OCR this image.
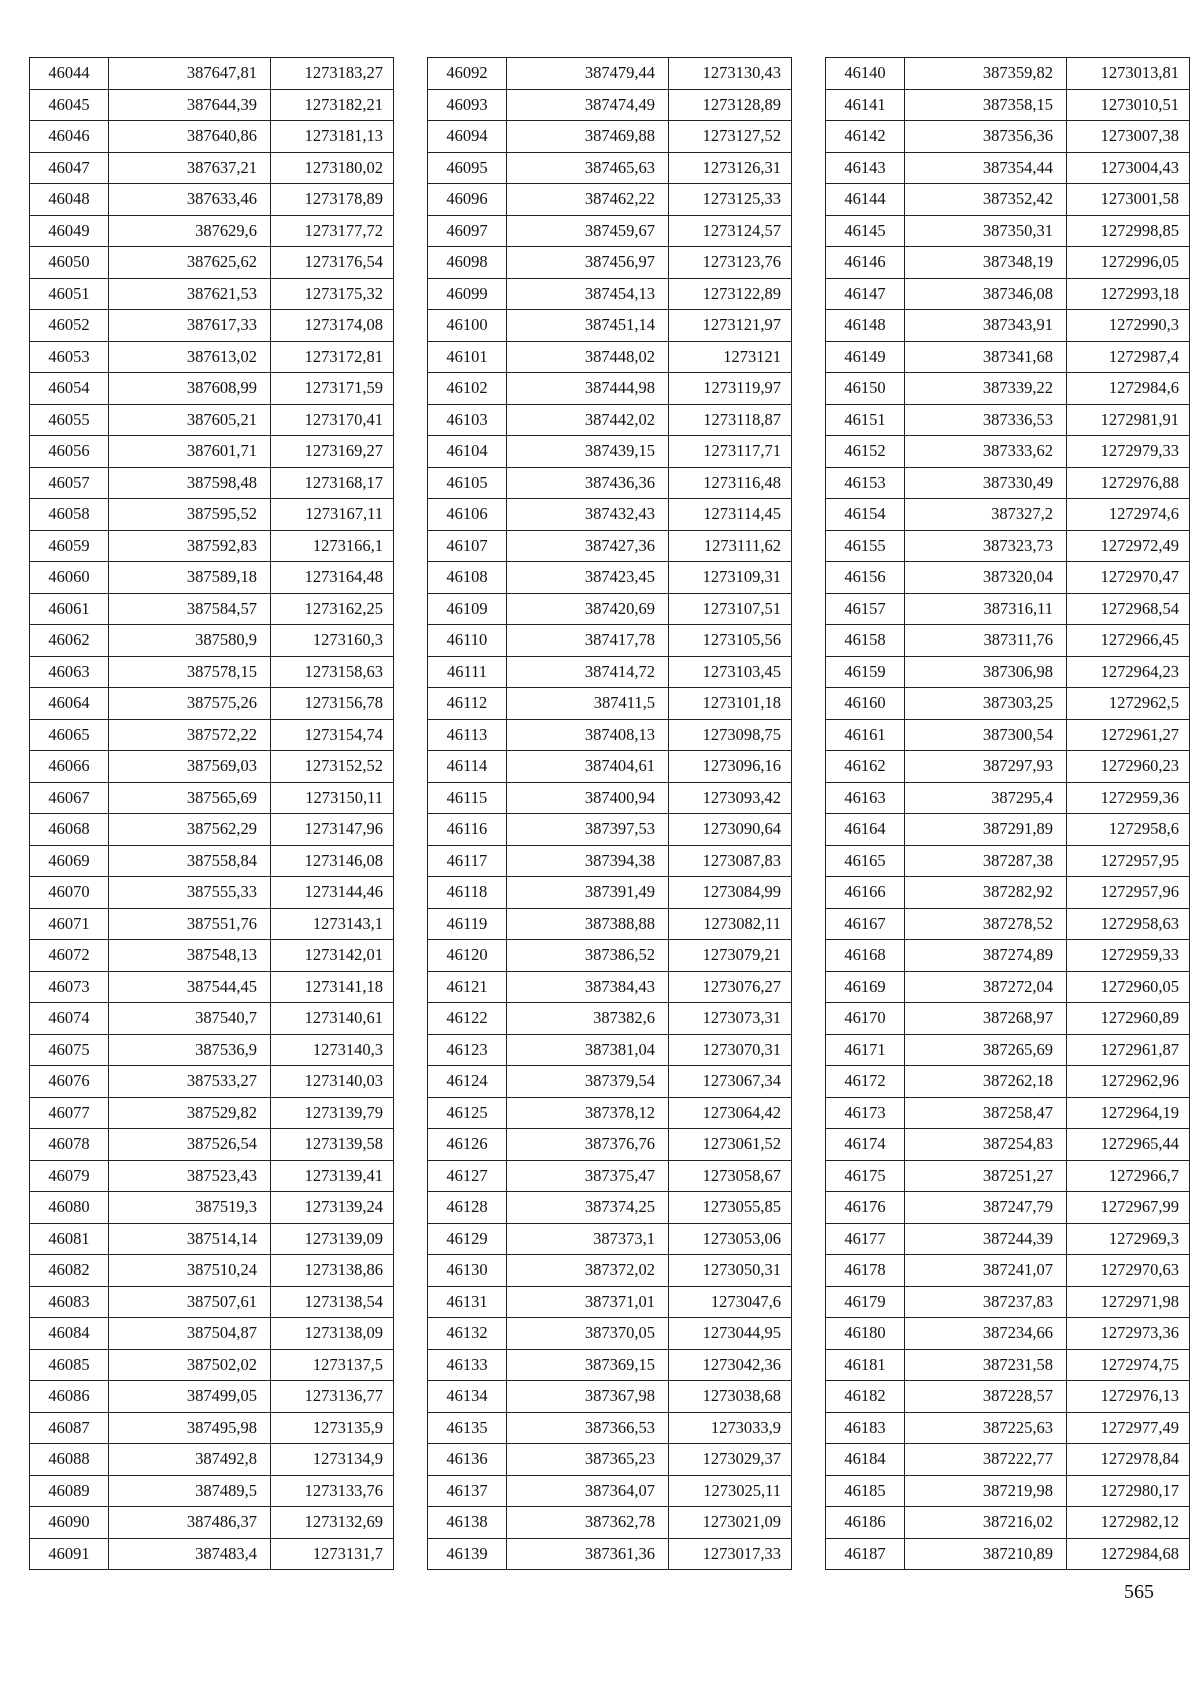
46044	387647,81	1273183,27
46045	387644,39	1273182,21
46046	387640,86	1273181,13
46047	387637,21	1273180,02
46048	387633,46	1273178,89
46049	387629,6	1273177,72
46050	387625,62	1273176,54
46051	387621,53	1273175,32
46052	387617,33	1273174,08
46053	387613,02	1273172,81
46054	387608,99	1273171,59
46055	387605,21	1273170,41
46056	387601,71	1273169,27
46057	387598,48	1273168,17
46058	387595,52	1273167,11
46059	387592,83	1273166,1
46060	387589,18	1273164,48
46061	387584,57	1273162,25
46062	387580,9	1273160,3
46063	387578,15	1273158,63
46064	387575,26	1273156,78
46065	387572,22	1273154,74
46066	387569,03	1273152,52
46067	387565,69	1273150,11
46068	387562,29	1273147,96
46069	387558,84	1273146,08
46070	387555,33	1273144,46
46071	387551,76	1273143,1
46072	387548,13	1273142,01
46073	387544,45	1273141,18
46074	387540,7	1273140,61
46075	387536,9	1273140,3
46076	387533,27	1273140,03
46077	387529,82	1273139,79
46078	387526,54	1273139,58
46079	387523,43	1273139,41
46080	387519,3	1273139,24
46081	387514,14	1273139,09
46082	387510,24	1273138,86
46083	387507,61	1273138,54
46084	387504,87	1273138,09
46085	387502,02	1273137,5
46086	387499,05	1273136,77
46087	387495,98	1273135,9
46088	387492,8	1273134,9
46089	387489,5	1273133,76
46090	387486,37	1273132,69
46091	387483,4	1273131,7
46092	387479,44	1273130,43
46093	387474,49	1273128,89
46094	387469,88	1273127,52
46095	387465,63	1273126,31
46096	387462,22	1273125,33
46097	387459,67	1273124,57
46098	387456,97	1273123,76
46099	387454,13	1273122,89
46100	387451,14	1273121,97
46101	387448,02	1273121
46102	387444,98	1273119,97
46103	387442,02	1273118,87
46104	387439,15	1273117,71
46105	387436,36	1273116,48
46106	387432,43	1273114,45
46107	387427,36	1273111,62
46108	387423,45	1273109,31
46109	387420,69	1273107,51
46110	387417,78	1273105,56
46111	387414,72	1273103,45
46112	387411,5	1273101,18
46113	387408,13	1273098,75
46114	387404,61	1273096,16
46115	387400,94	1273093,42
46116	387397,53	1273090,64
46117	387394,38	1273087,83
46118	387391,49	1273084,99
46119	387388,88	1273082,11
46120	387386,52	1273079,21
46121	387384,43	1273076,27
46122	387382,6	1273073,31
46123	387381,04	1273070,31
46124	387379,54	1273067,34
46125	387378,12	1273064,42
46126	387376,76	1273061,52
46127	387375,47	1273058,67
46128	387374,25	1273055,85
46129	387373,1	1273053,06
46130	387372,02	1273050,31
46131	387371,01	1273047,6
46132	387370,05	1273044,95
46133	387369,15	1273042,36
46134	387367,98	1273038,68
46135	387366,53	1273033,9
46136	387365,23	1273029,37
46137	387364,07	1273025,11
46138	387362,78	1273021,09
46139	387361,36	1273017,33
46140	387359,82	1273013,81
46141	387358,15	1273010,51
46142	387356,36	1273007,38
46143	387354,44	1273004,43
46144	387352,42	1273001,58
46145	387350,31	1272998,85
46146	387348,19	1272996,05
46147	387346,08	1272993,18
46148	387343,91	1272990,3
46149	387341,68	1272987,4
46150	387339,22	1272984,6
46151	387336,53	1272981,91
46152	387333,62	1272979,33
46153	387330,49	1272976,88
46154	387327,2	1272974,6
46155	387323,73	1272972,49
46156	387320,04	1272970,47
46157	387316,11	1272968,54
46158	387311,76	1272966,45
46159	387306,98	1272964,23
46160	387303,25	1272962,5
46161	387300,54	1272961,27
46162	387297,93	1272960,23
46163	387295,4	1272959,36
46164	387291,89	1272958,6
46165	387287,38	1272957,95
46166	387282,92	1272957,96
46167	387278,52	1272958,63
46168	387274,89	1272959,33
46169	387272,04	1272960,05
46170	387268,97	1272960,89
46171	387265,69	1272961,87
46172	387262,18	1272962,96
46173	387258,47	1272964,19
46174	387254,83	1272965,44
46175	387251,27	1272966,7
46176	387247,79	1272967,99
46177	387244,39	1272969,3
46178	387241,07	1272970,63
46179	387237,83	1272971,98
46180	387234,66	1272973,36
46181	387231,58	1272974,75
46182	387228,57	1272976,13
46183	387225,63	1272977,49
46184	387222,77	1272978,84
46185	387219,98	1272980,17
46186	387216,02	1272982,12
46187	387210,89	1272984,68
565
